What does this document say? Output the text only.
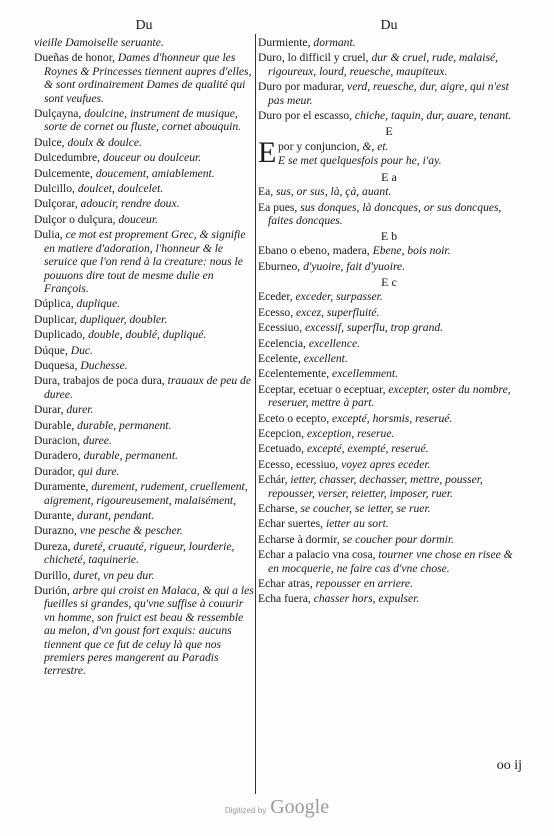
Du
vieille Damoiselle seruante.
Dueñas de honor, Dames d'honneur que les Roynes & Princesses tiennent aupres d'elles, & sont ordinairement Dames de qualité qui sont veufues.
Dulçayna, doulcine, instrument de musique, sorte de cornet ou fluste, cornet abouquin.
Dulce, doulx & doulce.
Dulcedumbre, douceur ou doulceur.
Dulcemente, doucement, amiablement.
Dulcillo, doulcet, doulcelet.
Dulçorar, adoucir, rendre doux.
Dulçor o dulçura, douceur.
Dulia, ce mot est proprement Grec, & signifie en matiere d'adoration, l'honneur & le seruice que l'on rend à la creature: nous le pouuons dire tout de mesme dulie en François.
Dúplica, duplique.
Duplicar, dupliquer, doubler.
Duplicado, double, doublé, dupliqué.
Dúque, Duc.
Duquesa, Duchesse.
Dura, trabajos de poca dura, trauaux de peu de duree.
Durar, durer.
Durable, durable, permanent.
Duracion, duree.
Duradero, durable, permanent.
Durador, qui dure.
Duramente, durement, rudement, cruellement, aigrement, rigoureusement, malaisément,
Durante, durant, pendant.
Durazno, vne pesche & pescher.
Dureza, dureté, cruauté, rigueur, lourderie, chicheté, taquinerie.
Durillo, duret, vn peu dur.
Durión, arbre qui croist en Malaca, & qui a les fueilles si grandes, qu'vne suffise à couurir vn homme, son fruict est beau & ressemble au melon, d'vn goust fort exquis: aucuns tiennent que ce fut de celuy là que nos premiers peres mangerent au Paradis terrestre.
Du
Durmiente, dormant.
Duro, lo difficil y cruel, dur & cruel, rude, malaisé, rigoureux, lourd, reuesche, maupiteux.
Duro por madurar, verd, reuesche, dur, aigre, qui n'est pas meur.
Duro por el escasso, chiche, taquin, dur, auare, tenant.
E
E por y conjuncion, &, et.
E se met quelquesfois pour he, i'ay.
E a
Ea, sus, or sus, là, çà, auant.
Ea pues, sus donques, là doncques, or sus doncques, faites doncques.
E b
Ebano o ebeno, madera, Ebene, bois noir.
Eburneo, d'yuoire, fait d'yuoire.
E c
Eceder, exceder, surpasser.
Ecesso, excez, superfluité.
Ecessiuo, excessif, superflu, trop grand.
Ecelencia, excellence.
Ecelente, excellent.
Ecelentemente, excellemment.
Eceptar, ecetuar o eceptuar, excepter, oster du nombre, reseruer, mettre à part.
Eceto o ecepto, excepté, horsmis, reserué.
Ecepcion, exception, reserue.
Ecetuado, excepté, exempté, reserué.
Ecesso, ecessiuo, voyez apres eceder.
Echár, ietter, chasser, dechasser, mettre, pousser, repousser, verser, reietter, imposer, ruer.
Echarse, se coucher, se ietter, se ruer.
Echar suertes, ietter au sort.
Echarse à dormir, se coucher pour dormir.
Echar a palacio vna cosa, tourner vne chose en risee & en mocquerie, ne faire cas d'vne chose.
Echar atras, repousser en arriere.
Echa fuera, chasser hors, expulser.
oo ij
Digitized by Google
